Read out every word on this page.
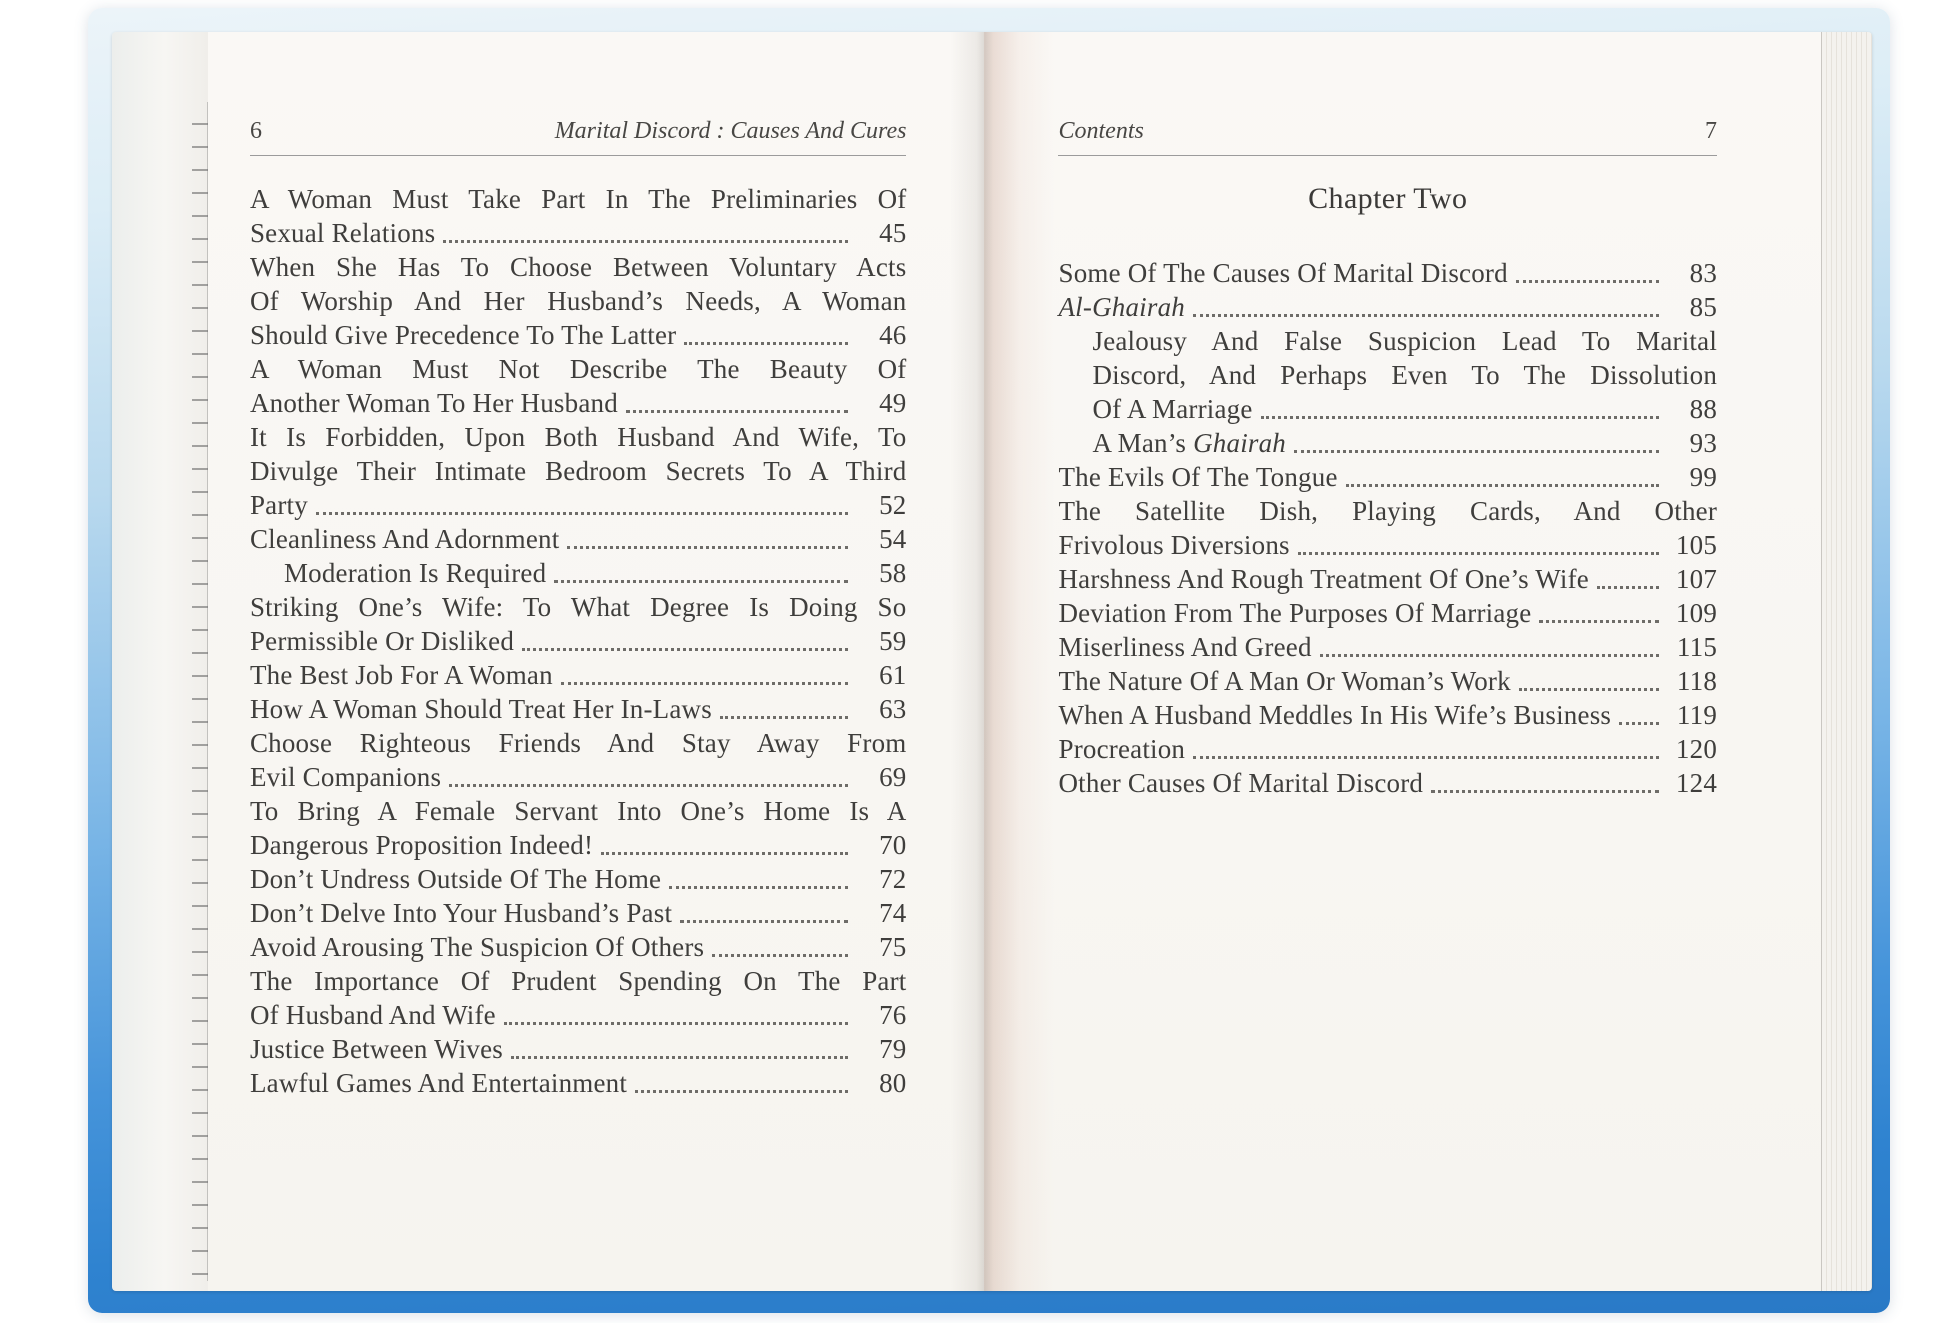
6	Marital Discord : Causes And Cures
A Woman Must Take Part In The Preliminaries Of
Sexual Relations	45
When She Has To Choose Between Voluntary Acts
Of Worship And Her Husband’s Needs, A Woman
Should Give Precedence To The Latter	46
A Woman Must Not Describe The Beauty Of
Another Woman To Her Husband	49
It Is Forbidden, Upon Both Husband And Wife, To
Divulge Their Intimate Bedroom Secrets To A Third
Party	52
Cleanliness And Adornment	54
Moderation Is Required	58
Striking One’s Wife: To What Degree Is Doing So
Permissible Or Disliked	59
The Best Job For A Woman	61
How A Woman Should Treat Her In-Laws	63
Choose Righteous Friends And Stay Away From
Evil Companions	69
To Bring A Female Servant Into One’s Home Is A
Dangerous Proposition Indeed!	70
Don’t Undress Outside Of The Home	72
Don’t Delve Into Your Husband’s Past	74
Avoid Arousing The Suspicion Of Others	75
The Importance Of Prudent Spending On The Part
Of Husband And Wife	76
Justice Between Wives	79
Lawful Games And Entertainment	80
Contents	7
Chapter Two
Some Of The Causes Of Marital Discord	83
Al-Ghairah	85
Jealousy And False Suspicion Lead To Marital
Discord, And Perhaps Even To The Dissolution
Of A Marriage	88
A Man’s Ghairah	93
The Evils Of The Tongue	99
The Satellite Dish, Playing Cards, And Other
Frivolous Diversions	105
Harshness And Rough Treatment Of One’s Wife	107
Deviation From The Purposes Of Marriage	109
Miserliness And Greed	115
The Nature Of A Man Or Woman’s Work	118
When A Husband Meddles In His Wife’s Business	119
Procreation	120
Other Causes Of Marital Discord	124
